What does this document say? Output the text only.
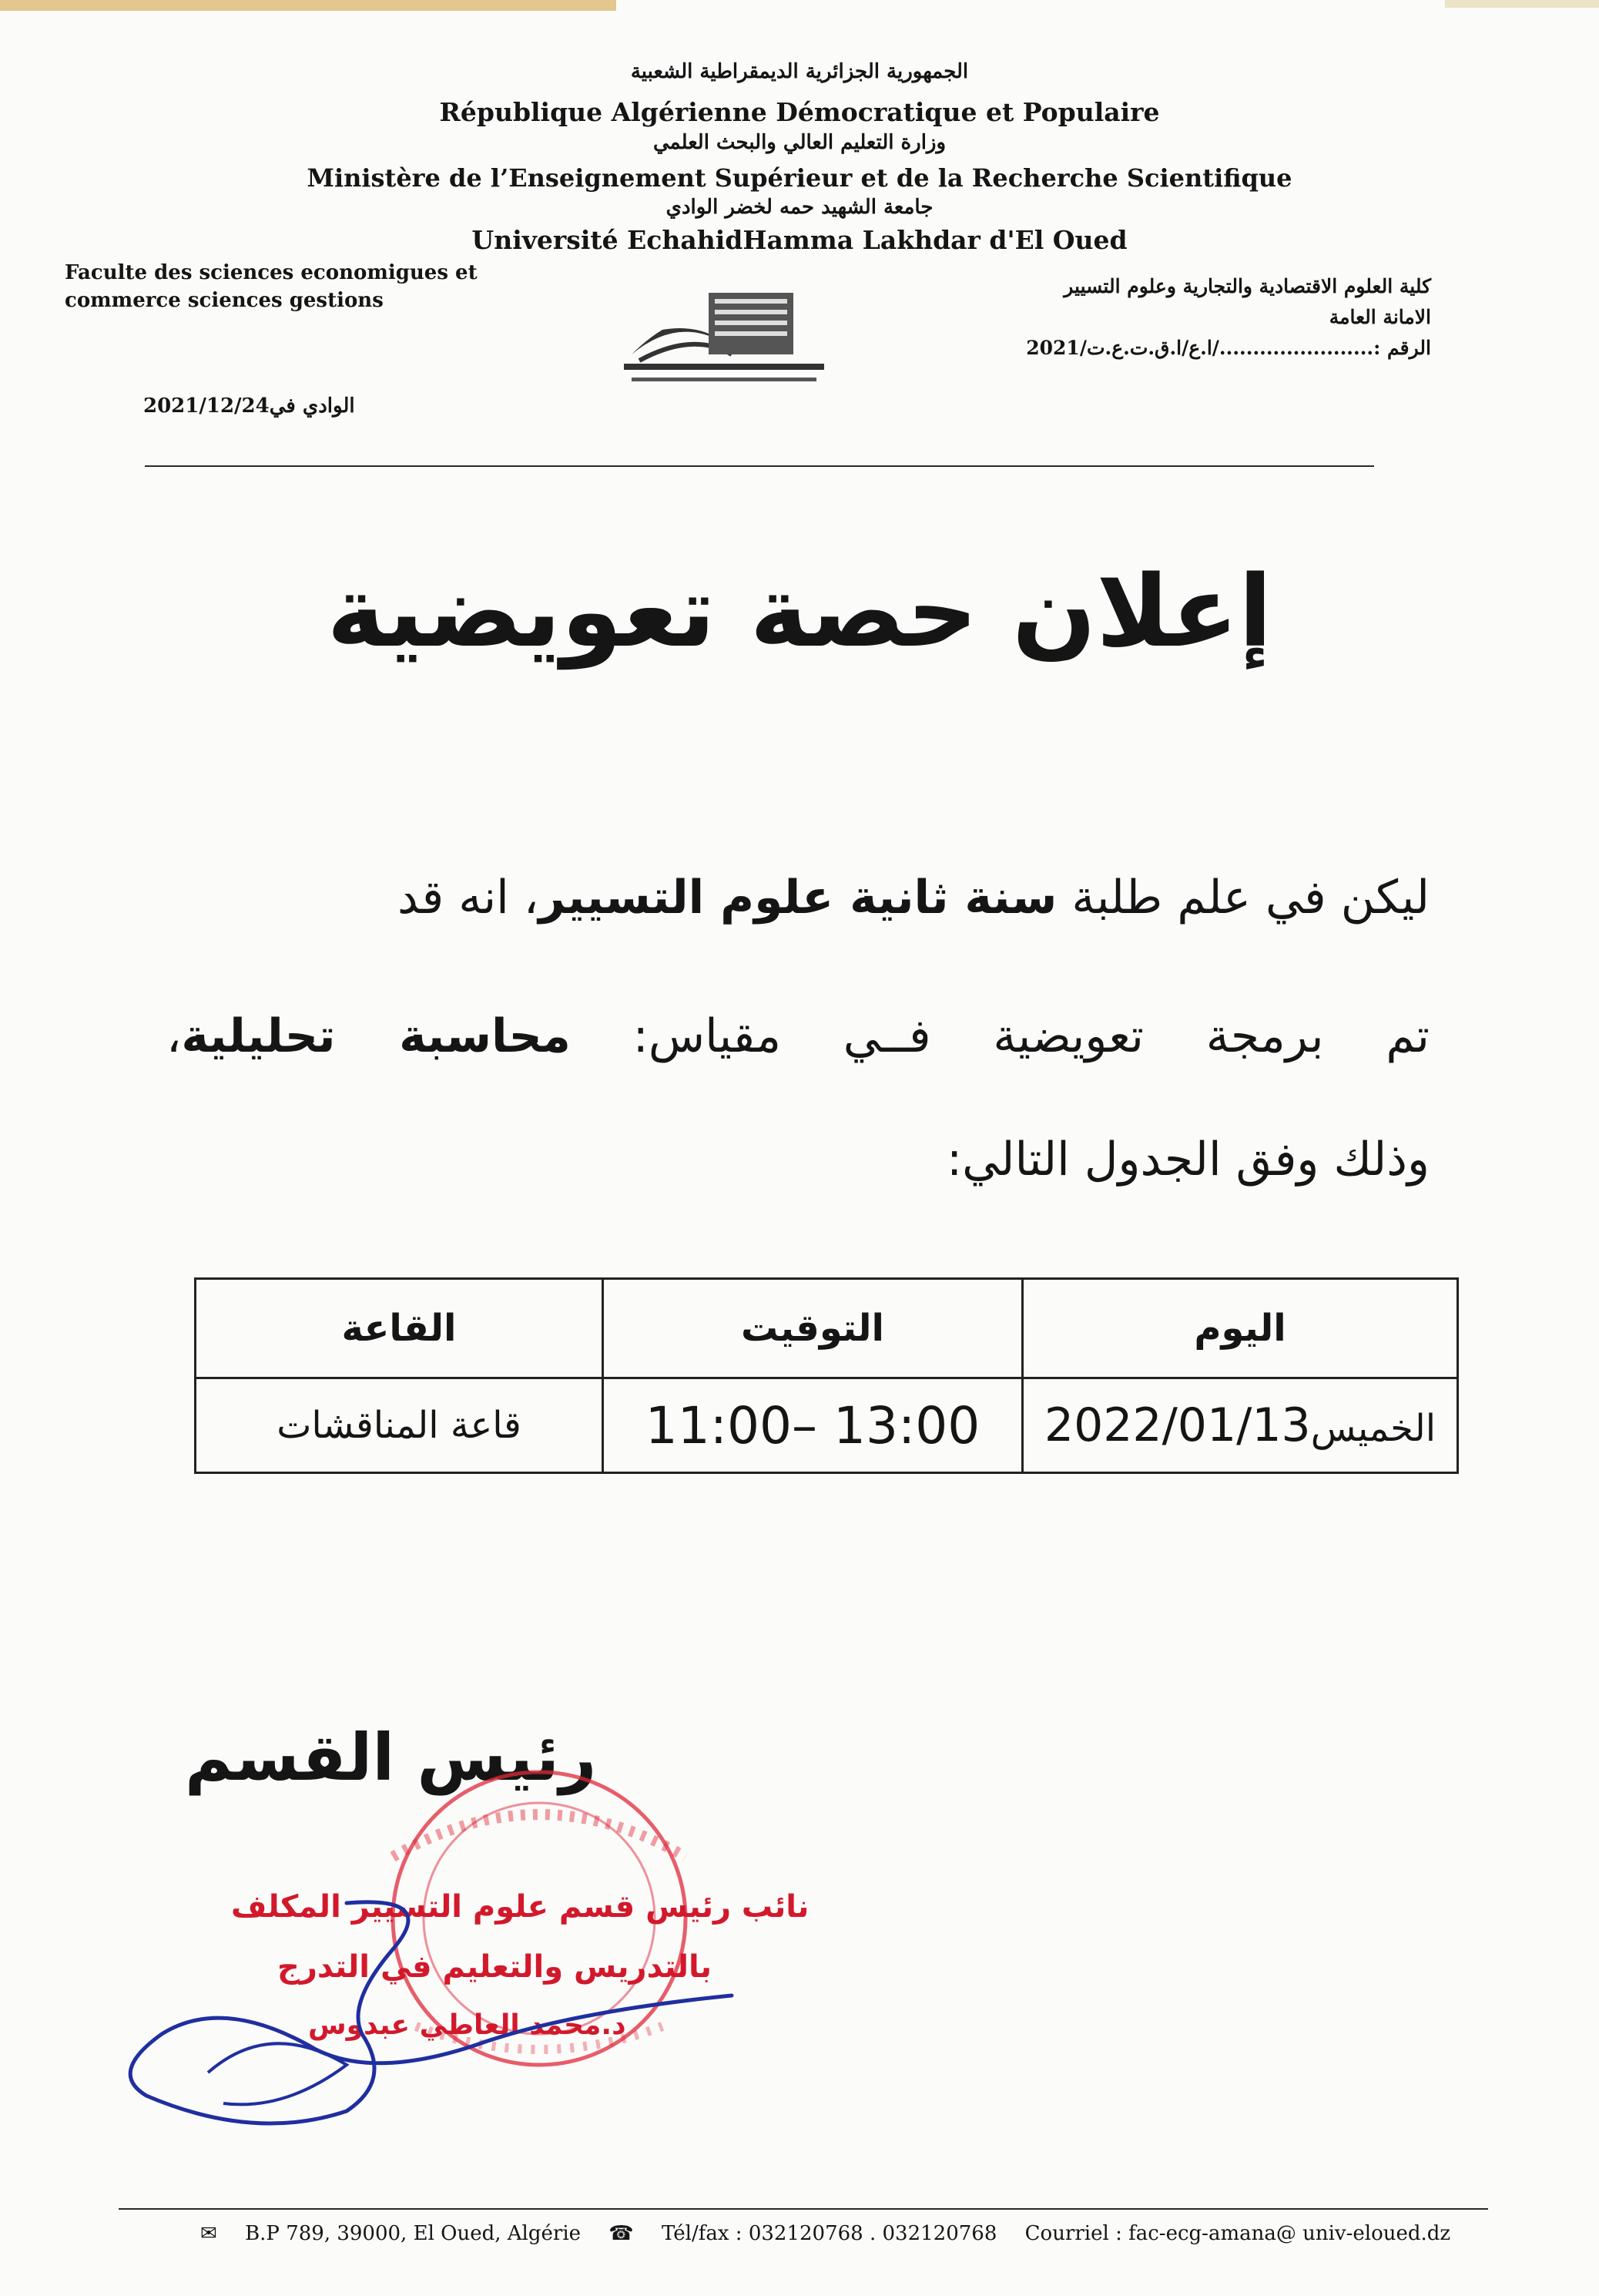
الجمهورية الجزائرية الديمقراطية الشعبية
République Algérienne Démocratique et Populaire
وزارة التعليم العالي والبحث العلمي
Ministère de l’Enseignement Supérieur et de la Recherche Scientifique
جامعة الشهيد حمه لخضر الوادي
Université EchahidHamma Lakhdar d'El Oued
Faculte des sciences economigues et
commerce sciences gestions
كلية العلوم الاقتصادية والتجارية وعلوم التسيير
الامانة العامة
الرقم :......................./ا.ع/ا.ق.ت.ع.ت/2021
الوادي في2021/12/24
إعلان حصة تعويضية
ليكن في علم طلبة سنة ثانية علوم التسيير، انه قد
تم برمجة تعويضية فــي مقياس: محاسبة تحليلية،
وذلك وفق الجدول التالي:
اليوم	التوقيت	القاعة
الخميس2022/01/13	11:00– 13:00	قاعة المناقشات
رئيس القسم
نائب رئيس قسم علوم التسيير المكلف
بالتدريس والتعليم في التدرج
د.محمد العاطي عبدوس
✉ B.P 789, 39000, El Oued, Algérie ☎ Tél/fax : 032120768 . 032120768 Courriel : fac-ecg-amana@ univ-eloued.dz
